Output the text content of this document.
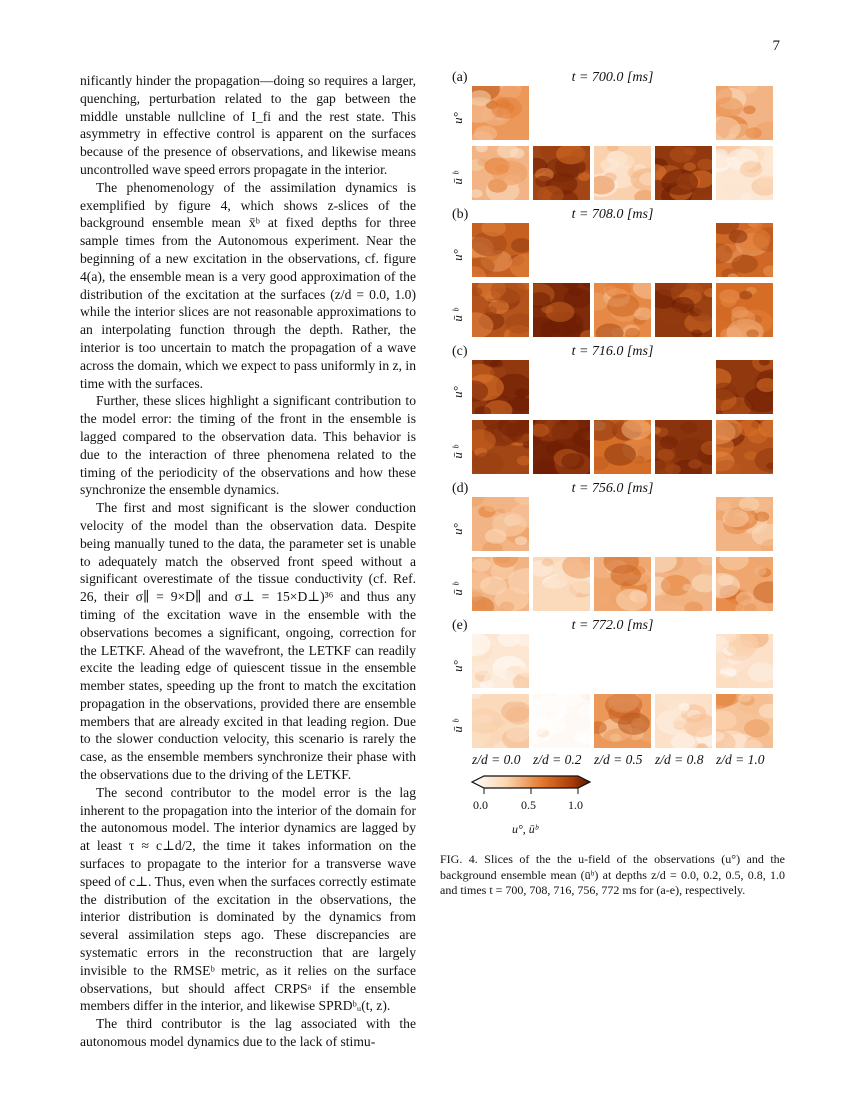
7

nificantly hinder the propagation—doing so requires a larger, quenching, perturbation related to the gap between the middle unstable nullcline of I_fi and the rest state. This asymmetry in effective control is apparent on the surfaces because of the presence of observations, and likewise means uncontrolled wave speed errors propagate in the interior.

The phenomenology of the assimilation dynamics is exemplified by figure 4, which shows z-slices of the background ensemble mean x̄ᵇ at fixed depths for three sample times from the Autonomous experiment. Near the beginning of a new excitation in the observations, cf. figure 4(a), the ensemble mean is a very good approximation of the distribution of the excitation at the surfaces (z/d = 0.0, 1.0) while the interior slices are not reasonable approximations to an interpolating function through the depth. Rather, the interior is too uncertain to match the propagation of a wave across the domain, which we expect to pass uniformly in z, in time with the surfaces.

Further, these slices highlight a significant contribution to the model error: the timing of the front in the ensemble is lagged compared to the observation data. This behavior is due to the interaction of three phenomena related to the timing of the periodicity of the observations and how these synchronize the ensemble dynamics.

The first and most significant is the slower conduction velocity of the model than the observation data. Despite being manually tuned to the data, the parameter set is unable to adequately match the observed front speed without a significant overestimate of the tissue conductivity (cf. Ref. 26, their σ∥ = 9×D∥ and σ⊥ = 15×D⊥)³⁶ and thus any timing of the excitation wave in the ensemble with the observations becomes a significant, ongoing, correction for the LETKF. Ahead of the wavefront, the LETKF can readily excite the leading edge of quiescent tissue in the ensemble member states, speeding up the front to match the excitation propagation in the observations, provided there are ensemble members that are already excited in that leading region. Due to the slower conduction velocity, this scenario is rarely the case, as the ensemble members synchronize their phase with the observations due to the driving of the LETKF.

The second contributor to the model error is the lag inherent to the propagation into the interior of the domain for the autonomous model. The interior dynamics are lagged by at least τ ≈ c⊥d/2, the time it takes information on the surfaces to propagate to the interior for a transverse wave speed of c⊥. Thus, even when the surfaces correctly estimate the distribution of the excitation in the observations, the interior distribution is dominated by the dynamics from several assimilation steps ago. These discrepancies are systematic errors in the reconstruction that are largely invisible to the RMSEᵇ metric, as it relies on the surface observations, but should affect CRPSᵃ if the ensemble members differ in the interior, and likewise SPRDᵇᵤ(t, z).

The third contributor is the lag associated with the autonomous model dynamics due to the lack of stimu-

(a)	t = 700.0 [ms]
u°
ū ᵇ
(b)	t = 708.0 [ms]
u°
ū ᵇ
(c)	t = 716.0 [ms]
u°
ū ᵇ
(d)	t = 756.0 [ms]
u°
ū ᵇ
(e)	t = 772.0 [ms]
u°
ū ᵇ
z/d = 0.0 z/d = 0.2 z/d = 0.5 z/d = 0.8 z/d = 1.0
0.0	0.5	1.0
u°, ūᵇ
FIG. 4. Slices of the the u-field of the observations (u°) and the background ensemble mean (ūᵇ) at depths z/d = 0.0, 0.2, 0.5, 0.8, 1.0 and times t = 700, 708, 716, 756, 772 ms for (a-e), respectively.
